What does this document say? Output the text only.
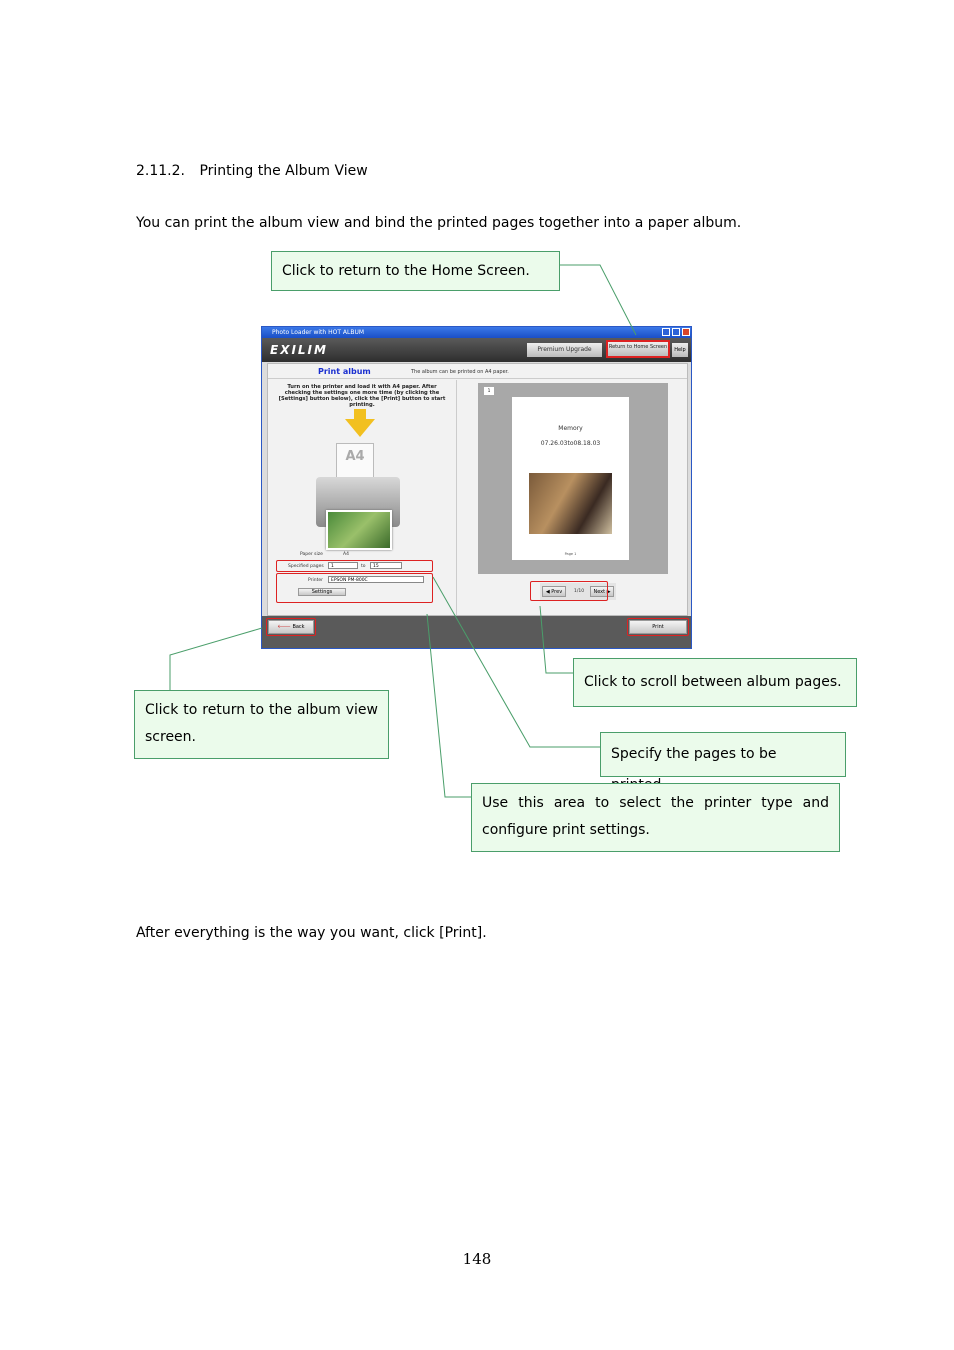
2.11.2. Printing the Album View
You can print the album view and bind the printed pages together into a paper album.
Photo Loader with HOT ALBUM
EXILIM	Premium Upgrade	Return to Home Screen	Help
Print album	The album can be printed on A4 paper.
Turn on the printer and load it with A4 paper. After checking the settings one more time (by clicking the [Settings] button below), click the [Print] button to start printing.
A4
Paper size	A4
Specified pages	1	to	15
Printer	EPSON PM-800C
Settings
1
Memory
07.26.03to08.18.03
Page 1
◀ Prev	1/10	Next ▶
🡐 Back	Print
Click to return to the Home Screen.
Click to scroll between album pages.
Click to return to the album view screen.
Specify the pages to be
Use this area to select the printer type and configure print settings.
After everything is the way you want, click [Print].
148
